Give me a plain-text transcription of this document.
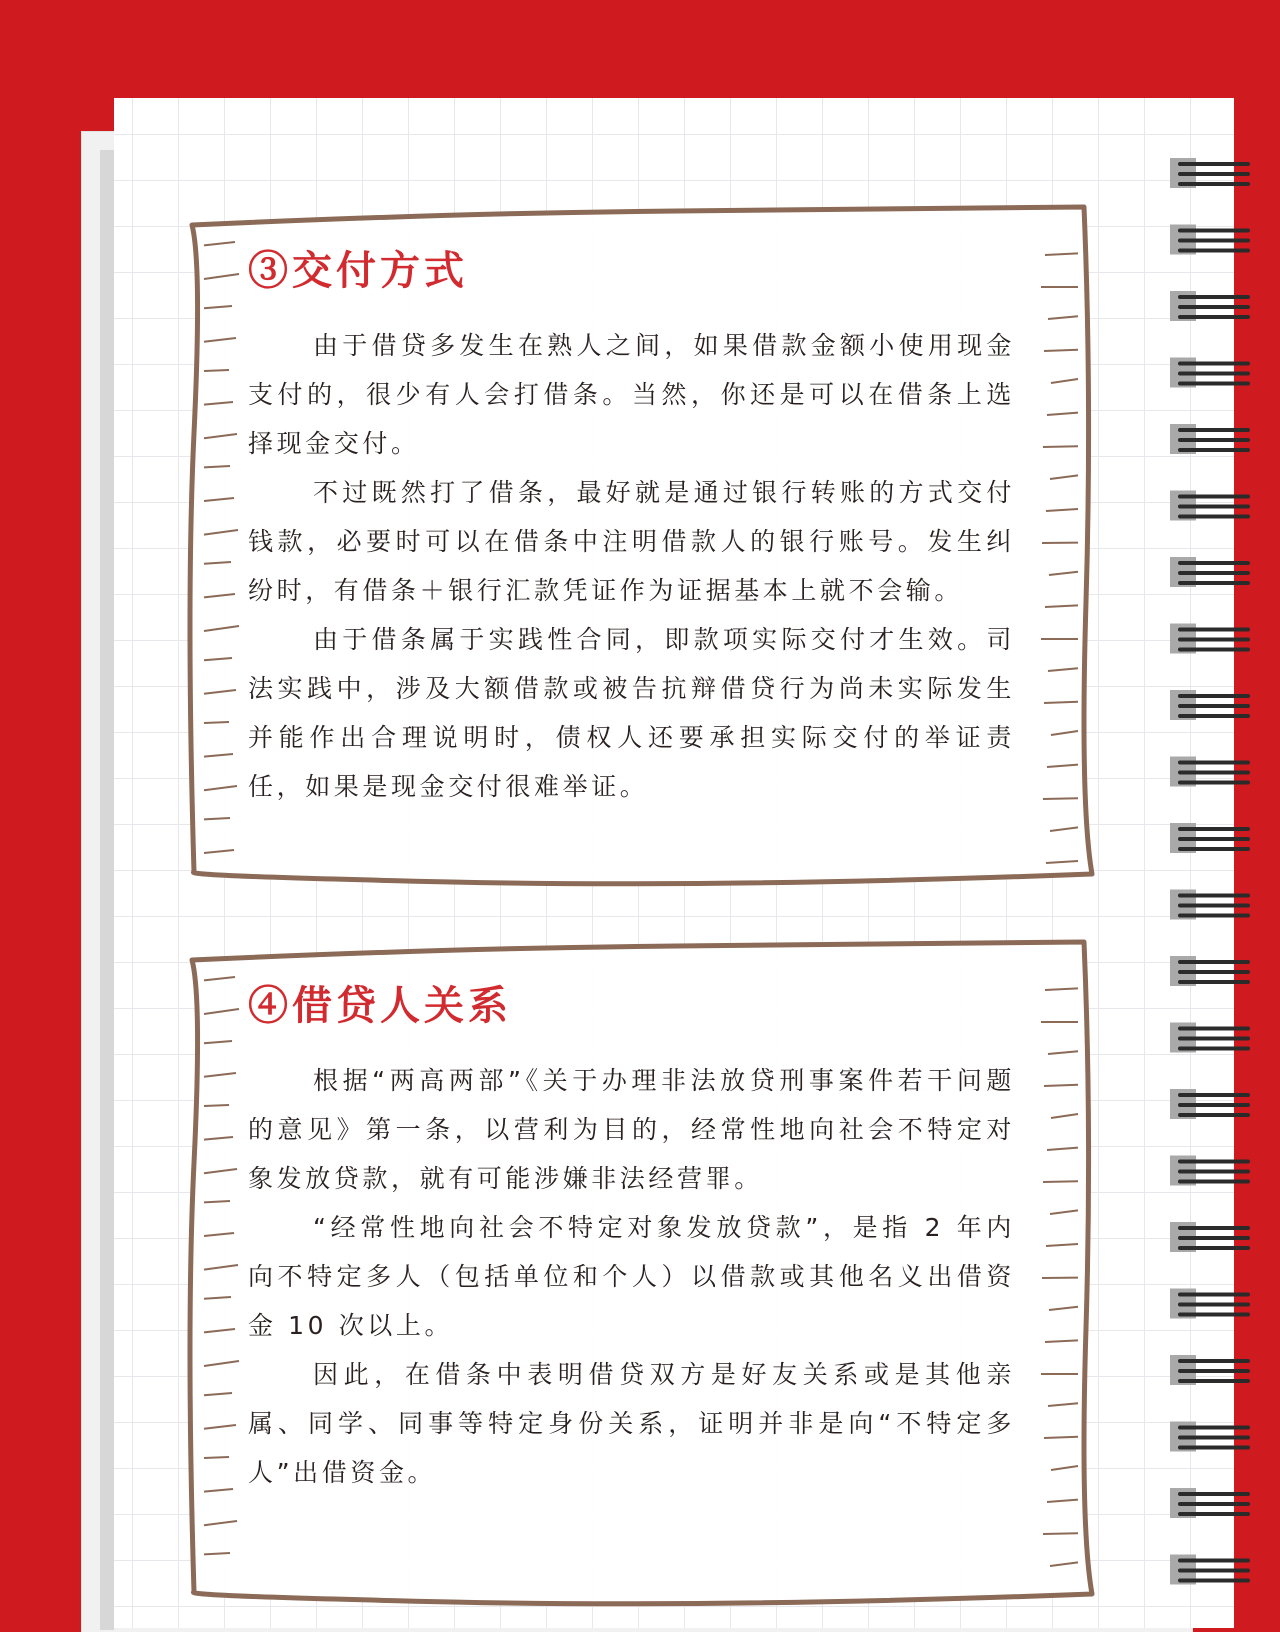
③交付方式

由于借贷多发生在熟人之间，如果借款金额小使用现金支付的，很少有人会打借条。当然，你还是可以在借条上选择现金交付。

不过既然打了借条，最好就是通过银行转账的方式交付钱款，必要时可以在借条中注明借款人的银行账号。发生纠纷时，有借条＋银行汇款凭证作为证据基本上就不会输。

由于借条属于实践性合同，即款项实际交付才生效。司法实践中，涉及大额借款或被告抗辩借贷行为尚未实际发生并能作出合理说明时，债权人还要承担实际交付的举证责任，如果是现金交付很难举证。

④借贷人关系

根据“两高两部”《关于办理非法放贷刑事案件若干问题的意见》第一条，以营利为目的，经常性地向社会不特定对象发放贷款，就有可能涉嫌非法经营罪。

“经常性地向社会不特定对象发放贷款”，是指 2 年内向不特定多人（包括单位和个人）以借款或其他名义出借资金 10 次以上。

因此，在借条中表明借贷双方是好友关系或是其他亲属、同学、同事等特定身份关系，证明并非是向“不特定多人”出借资金。
